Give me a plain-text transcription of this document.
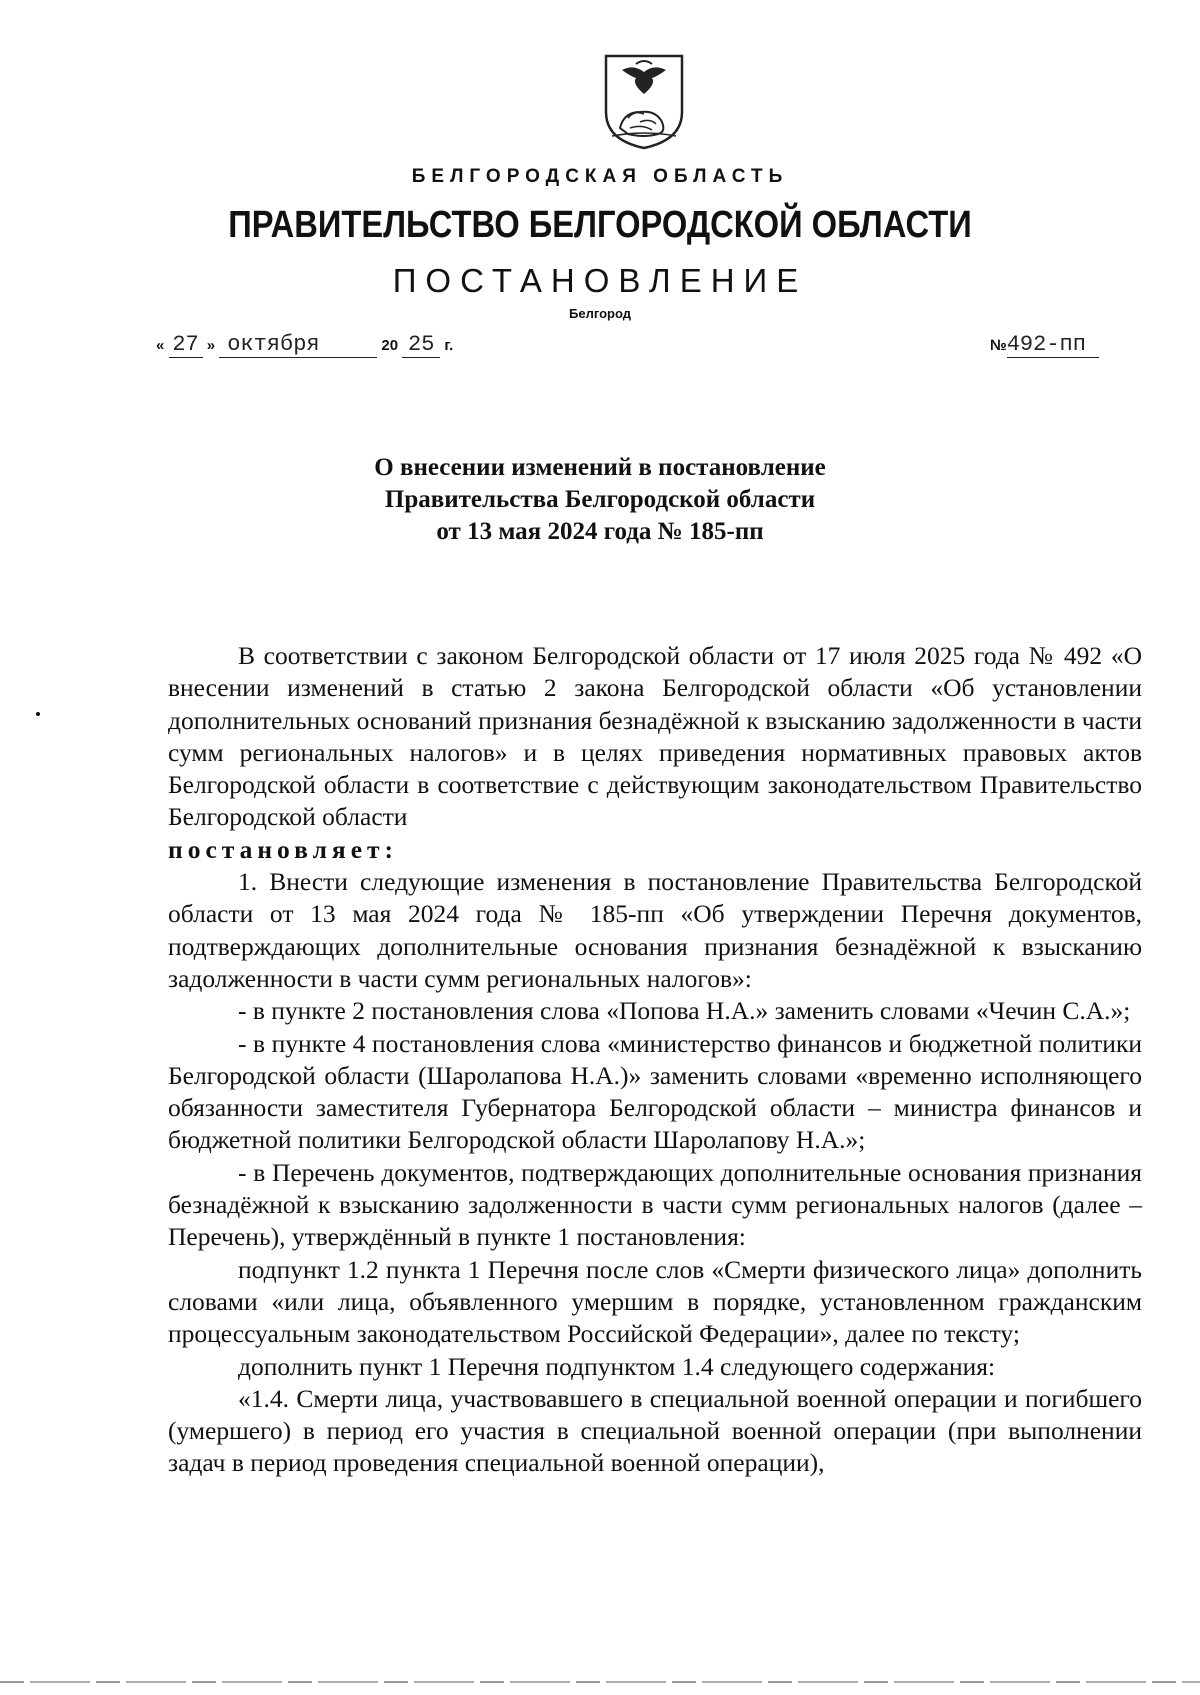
БЕЛГОРОДСКАЯ ОБЛАСТЬ
ПРАВИТЕЛЬСТВО БЕЛГОРОДСКОЙ ОБЛАСТИ
ПОСТАНОВЛЕНИЕ
Белгород
« 27 » октября	20 25 г.	№492-пп
О внесении изменений в постановление
Правительства Белгородской области
от 13 мая 2024 года № 185-пп

В соответствии с законом Белгородской области от 17 июля 2025 года № 492 «О внесении изменений в статью 2 закона Белгородской области «Об установлении дополнительных оснований признания безнадёжной к взысканию задолженности в части сумм региональных налогов» и в целях приведения нормативных правовых актов Белгородской области в соответствие с действующим законодательством Правительство Белгородской области

постановляет:

1. Внести следующие изменения в постановление Правительства Белгородской области от 13 мая 2024 года № 185-пп «Об утверждении Перечня документов, подтверждающих дополнительные основания признания безнадёжной к взысканию задолженности в части сумм региональных налогов»:

- в пункте 2 постановления слова «Попова Н.А.» заменить словами «Чечин С.А.»;

- в пункте 4 постановления слова «министерство финансов и бюджетной политики Белгородской области (Шаролапова Н.А.)» заменить словами «временно исполняющего обязанности заместителя Губернатора Белгородской области – министра финансов и бюджетной политики Белгородской области Шаролапову Н.А.»;

- в Перечень документов, подтверждающих дополнительные основания признания безнадёжной к взысканию задолженности в части сумм региональных налогов (далее – Перечень), утверждённый в пункте 1 постановления:

подпункт 1.2 пункта 1 Перечня после слов «Смерти физического лица» дополнить словами «или лица, объявленного умершим в порядке, установленном гражданским процессуальным законодательством Российской Федерации», далее по тексту;

дополнить пункт 1 Перечня подпунктом 1.4 следующего содержания:

«1.4. Смерти лица, участвовавшего в специальной военной операции и погибшего (умершего) в период его участия в специальной военной операции (при выполнении задач в период проведения специальной военной операции),
